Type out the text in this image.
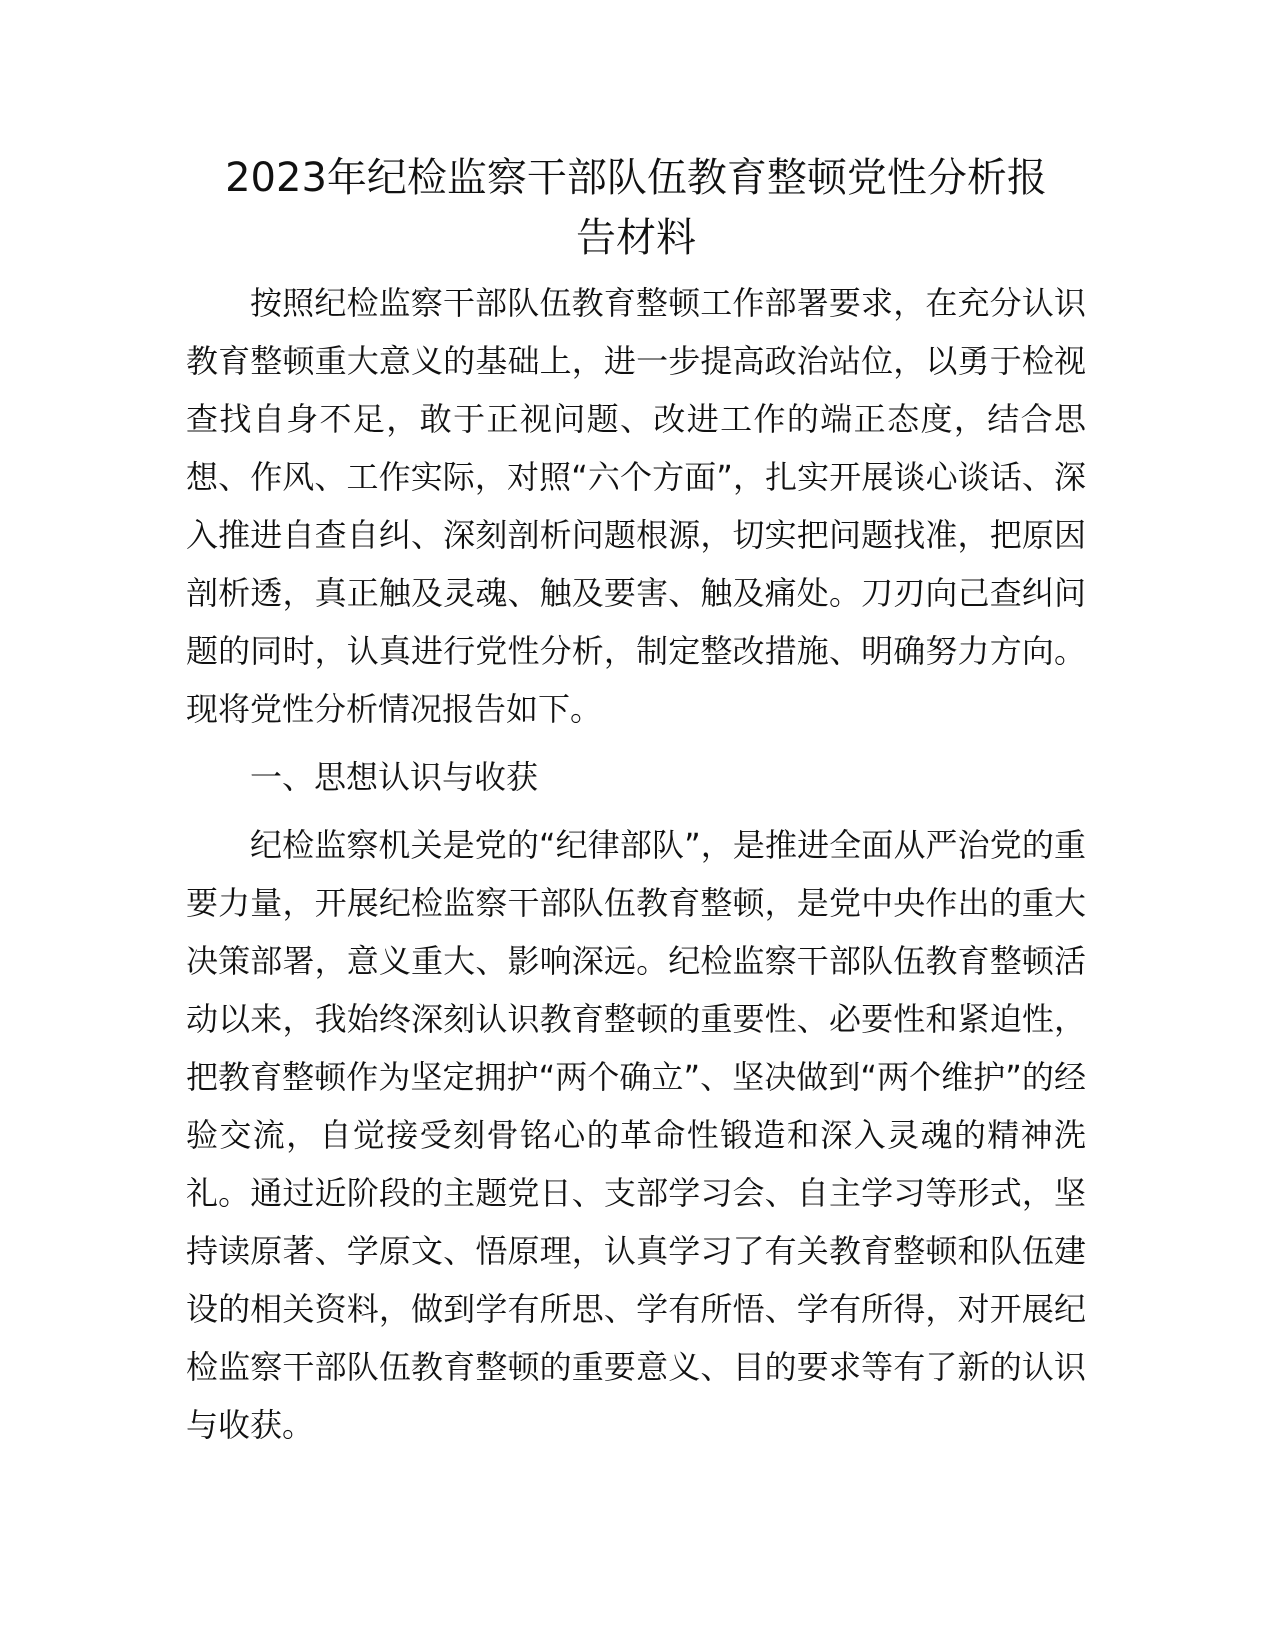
2023年纪检监察干部队伍教育整顿党性分析报
告材料

按照纪检监察干部队伍教育整顿工作部署要求，在充分认识教育整顿重大意义的基础上，进一步提高政治站位，以勇于检视查找自身不足，敢于正视问题、改进工作的端正态度，结合思想、作风、工作实际，对照“六个方面”，扎实开展谈心谈话、深入推进自查自纠、深刻剖析问题根源，切实把问题找准，把原因剖析透，真正触及灵魂、触及要害、触及痛处。刀刃向己查纠问题的同时，认真进行党性分析，制定整改措施、明确努力方向。现将党性分析情况报告如下。

一、思想认识与收获

纪检监察机关是党的“纪律部队”，是推进全面从严治党的重要力量，开展纪检监察干部队伍教育整顿，是党中央作出的重大决策部署，意义重大、影响深远。纪检监察干部队伍教育整顿活动以来，我始终深刻认识教育整顿的重要性、必要性和紧迫性，把教育整顿作为坚定拥护“两个确立”、坚决做到“两个维护”的经验交流，自觉接受刻骨铭心的革命性锻造和深入灵魂的精神洗礼。通过近阶段的主题党日、支部学习会、自主学习等形式，坚持读原著、学原文、悟原理，认真学习了有关教育整顿和队伍建设的相关资料，做到学有所思、学有所悟、学有所得，对开展纪检监察干部队伍教育整顿的重要意义、目的要求等有了新的认识与收获。
